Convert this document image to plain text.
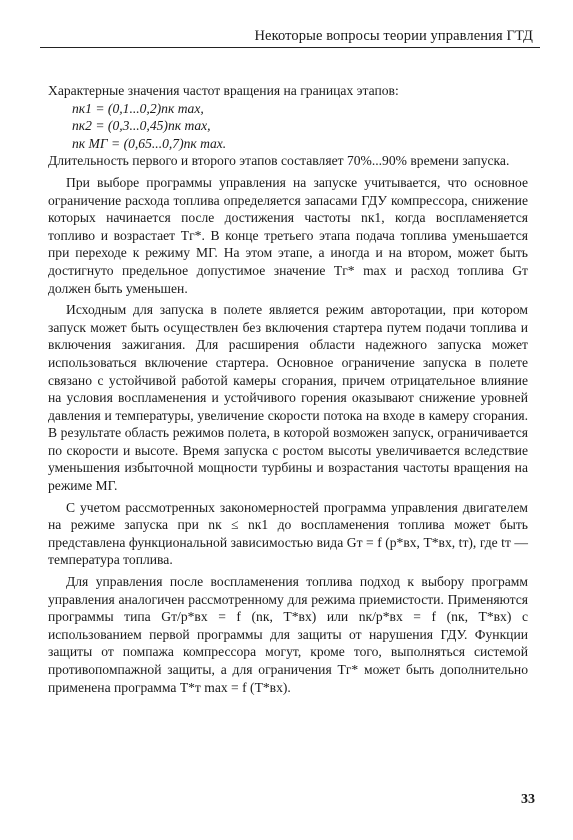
Некоторые вопросы теории управления ГТД

Характерные значения частот вращения на границах этапов:

nк1 = (0,1...0,2)nк max,
nк2 = (0,3...0,45)nк max,
nк МГ = (0,65...0,7)nк max.

Длительность первого и второго этапов составляет 70%...90% времени запуска.

При выборе программы управления на запуске учитывается, что основное ограничение расхода топлива определяется запасами ГДУ компрессора, снижение которых начинается после достижения частоты nк1, когда воспламеняется топливо и возрастает Tг*. В конце третьего этапа подача топлива уменьшается при переходе к режиму МГ. На этом этапе, а иногда и на втором, может быть достигнуто предельное допустимое значение Tг* max и расход топлива Gт должен быть уменьшен.

Исходным для запуска в полете является режим авторотации, при котором запуск может быть осуществлен без включения стартера путем подачи топлива и включения зажигания. Для расширения области надежного запуска может использоваться включение стартера. Основное ограничение запуска в полете связано с устойчивой работой камеры сгорания, причем отрицательное влияние на условия воспламенения и устойчивого горения оказывают снижение уровней давления и температуры, увеличение скорости потока на входе в камеру сгорания. В результате область режимов полета, в которой возможен запуск, ограничивается по скорости и высоте. Время запуска с ростом высоты увеличивается вследствие уменьшения избыточной мощности турбины и возрастания частоты вращения на режиме МГ.

С учетом рассмотренных закономерностей программа управления двигателем на режиме запуска при nк ≤ nк1 до воспламенения топлива может быть представлена функциональной зависимостью вида Gт = f (p*вх, T*вх, tт), где tт — температура топлива.

Для управления после воспламенения топлива подход к выбору программ управления аналогичен рассмотренному для режима приемистости. Применяются программы типа Gт/p*вх = f (nк, T*вх) или nк/p*вх = f (nк, T*вх) с использованием первой программы для защиты от нарушения ГДУ. Функции защиты от помпажа компрессора могут, кроме того, выполняться системой противопомпажной защиты, а для ограничения Tг* может быть дополнительно применена программа T*т max = f (T*вх).

33
